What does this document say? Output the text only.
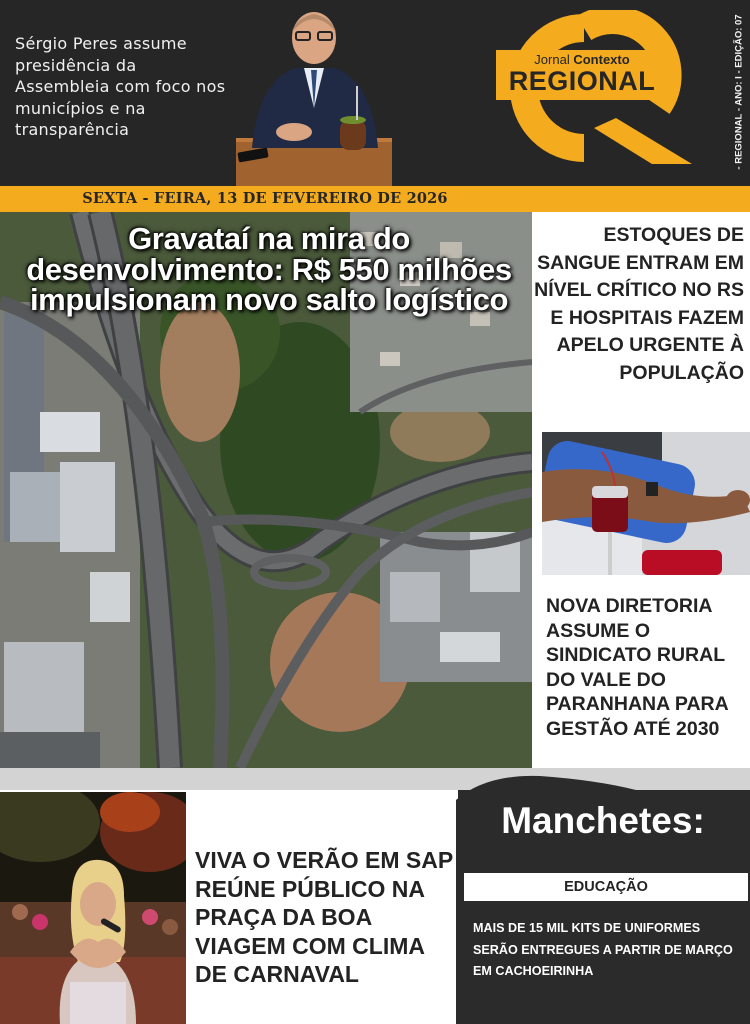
Sérgio Peres assume presidência da Assembleia com foco nos municípios e na transparência
Jornal Contexto
REGIONAL	- REGIONAL - ANO: I - EDIÇÃO: 07
SEXTA - FEIRA, 13 DE FEVEREIRO DE 2026
Gravataí na mira do desenvolvimento: R$ 550 milhões impulsionam novo salto logístico
ESTOQUES DE SANGUE ENTRAM EM NÍVEL CRÍTICO NO RS E HOSPITAIS FAZEM APELO URGENTE À POPULAÇÃO
NOVA DIRETORIA ASSUME O SINDICATO RURAL DO VALE DO PARANHANA PARA GESTÃO ATÉ 2030
VIVA O VERÃO EM SAP REÚNE PÚBLICO NA PRAÇA DA BOA VIAGEM COM CLIMA DE CARNAVAL
Manchetes:
EDUCAÇÃO
MAIS DE 15 MIL KITS DE UNIFORMES SERÃO ENTREGUES A PARTIR DE MARÇO EM CACHOEIRINHA
